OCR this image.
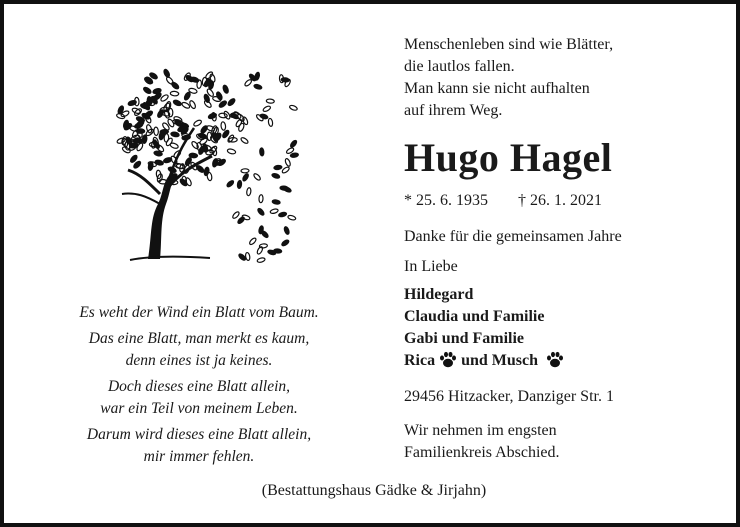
Es weht der Wind ein Blatt vom Baum.
Das eine Blatt, man merkt es kaum,
denn eines ist ja keines.
Doch dieses eine Blatt allein,
war ein Teil von meinem Leben.
Darum wird dieses eine Blatt allein,
mir immer fehlen.
Menschenleben sind wie Blätter,
die lautlos fallen.
Man kann sie nicht aufhalten
auf ihrem Weg.
Hugo Hagel
* 25. 6. 1935 † 26. 1. 2021
Danke für die gemeinsamen Jahre
In Liebe
Hildegard
Claudia und Familie
Gabi und Familie
Rica und Musch
29456 Hitzacker, Danziger Str. 1
Wir nehmen im engsten
Familienkreis Abschied.
(Bestattungshaus Gädke & Jirjahn)
